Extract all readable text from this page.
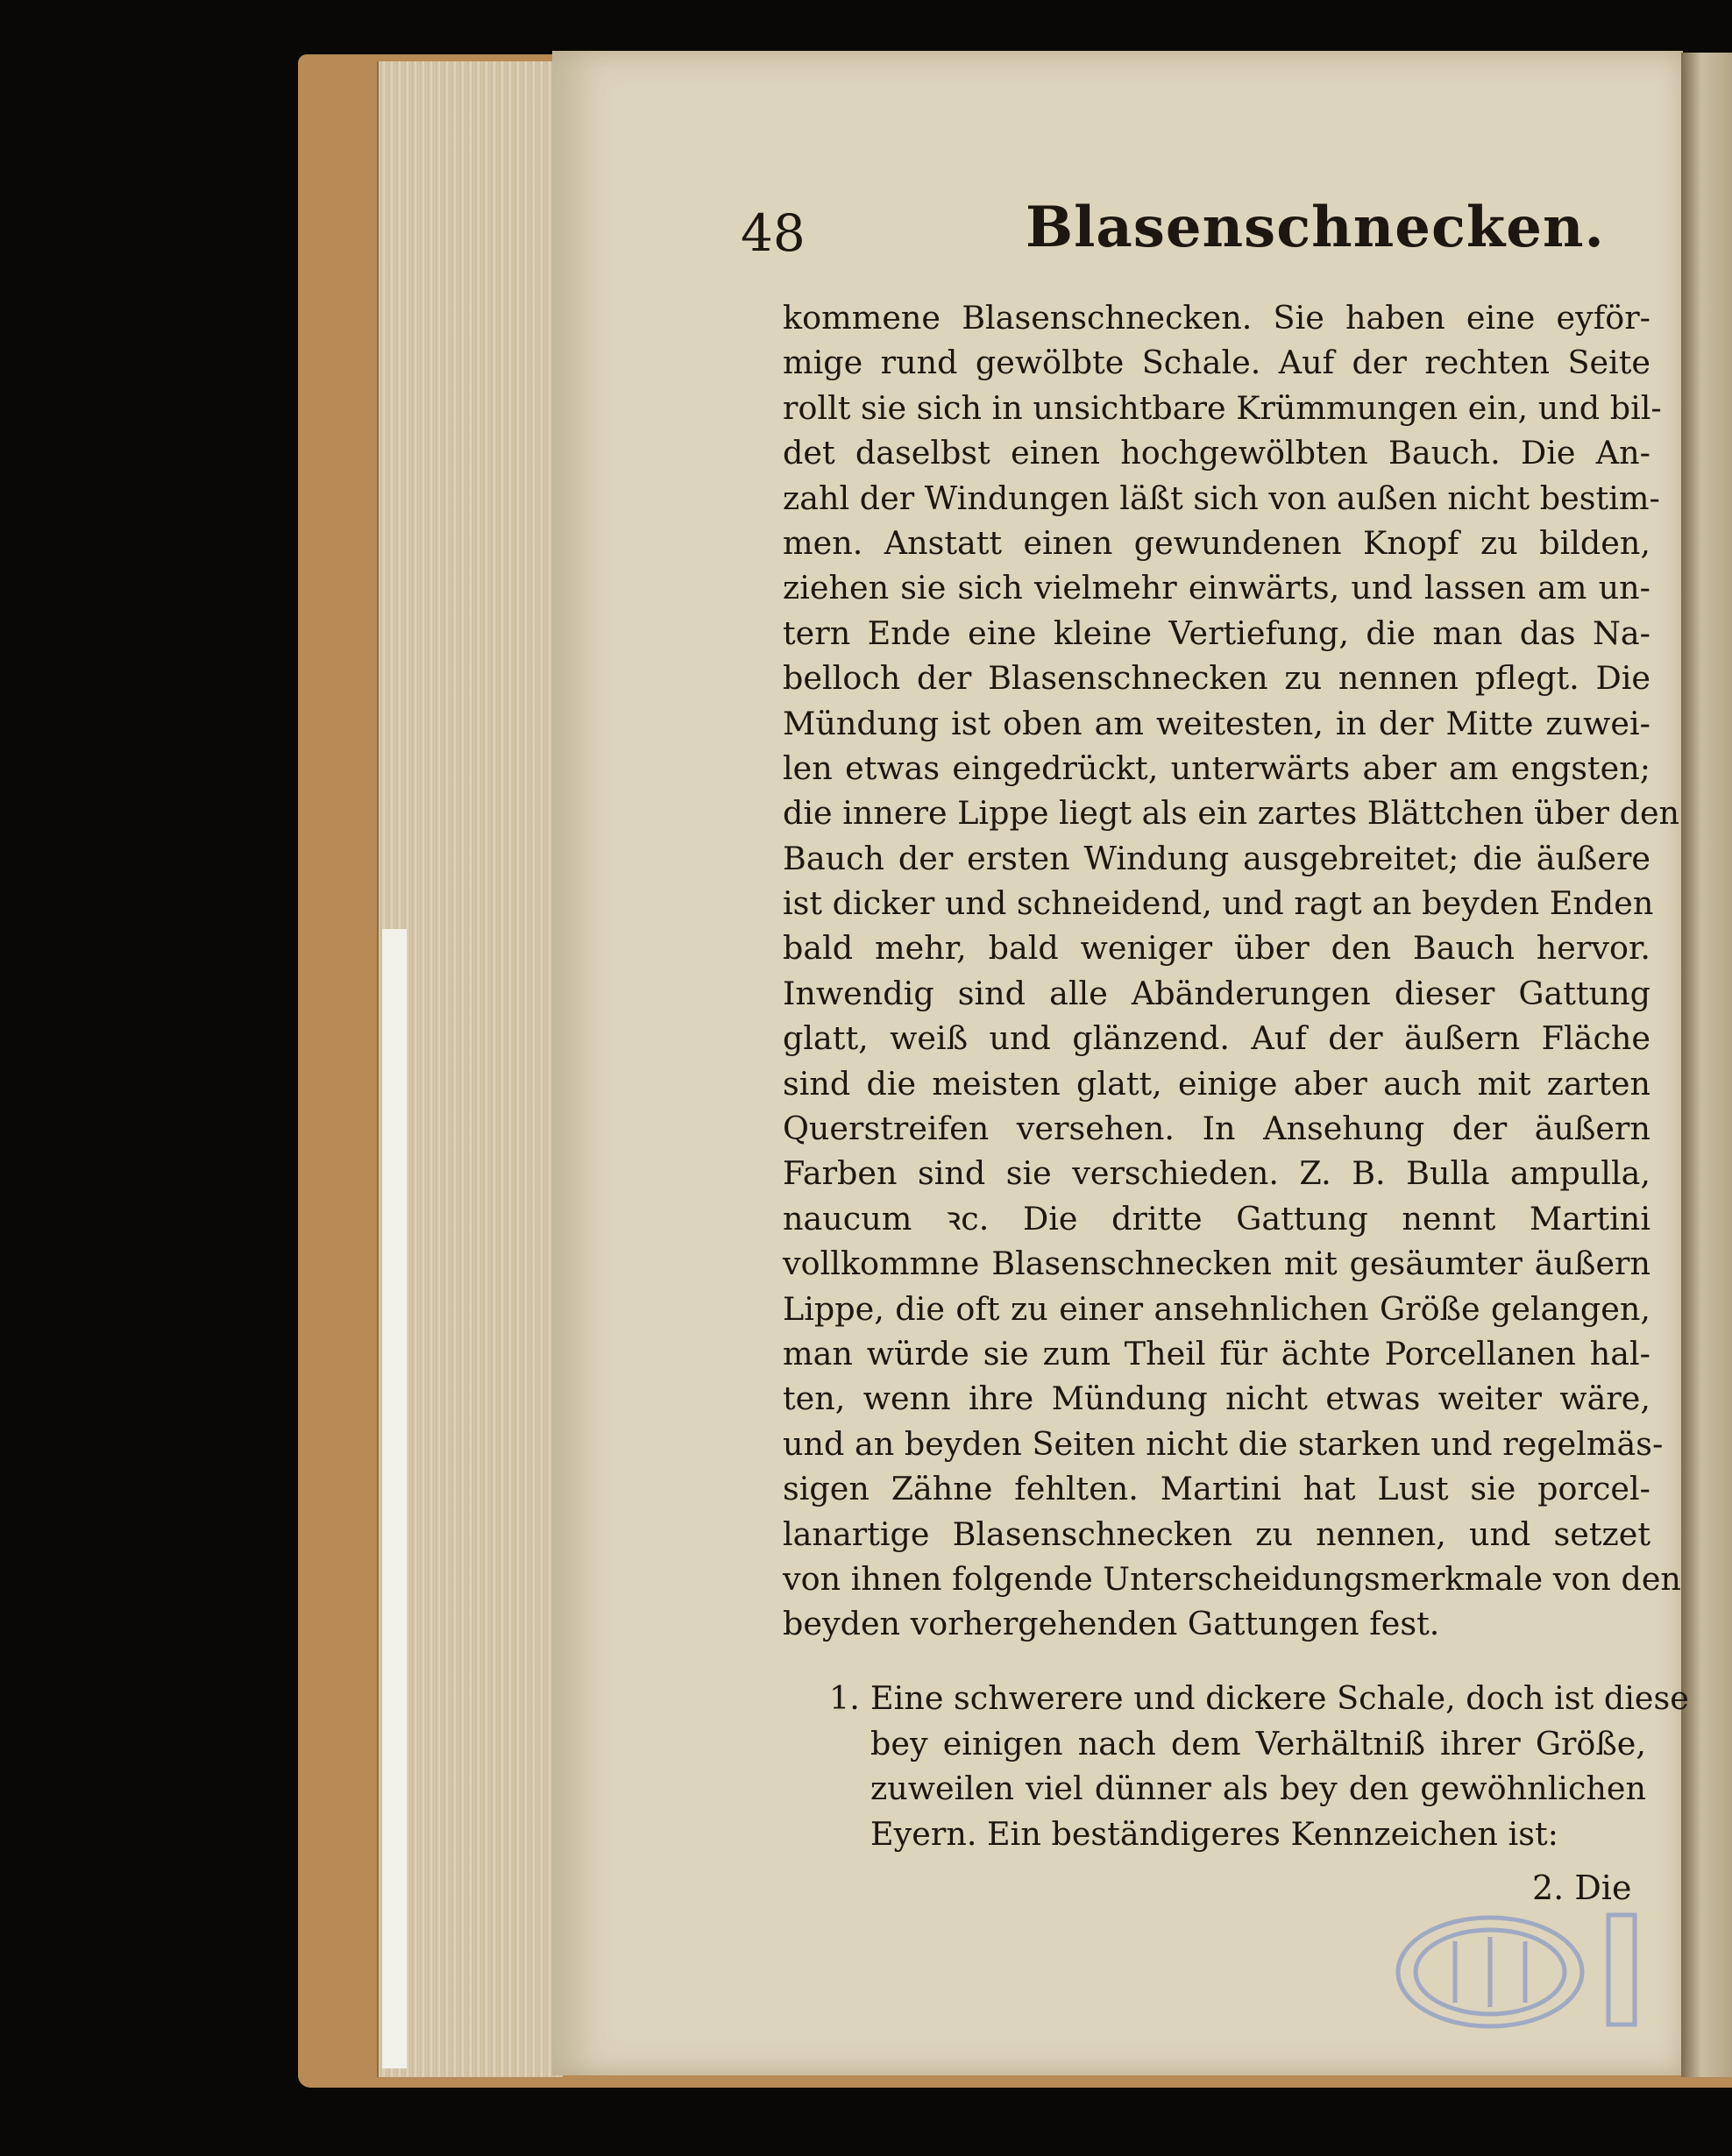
48	Blasenschnecken.
kommene Blasenschnecken. Sie haben eine eyför-
mige rund gewölbte Schale. Auf der rechten Seite
rollt sie sich in unsichtbare Krümmungen ein, und bil-
det daselbst einen hochgewölbten Bauch. Die An-
zahl der Windungen läßt sich von außen nicht bestim-
men. Anstatt einen gewundenen Knopf zu bilden,
ziehen sie sich vielmehr einwärts, und lassen am un-
tern Ende eine kleine Vertiefung, die man das Na-
belloch der Blasenschnecken zu nennen pflegt. Die
Mündung ist oben am weitesten, in der Mitte zuwei-
len etwas eingedrückt, unterwärts aber am engsten;
die innere Lippe liegt als ein zartes Blättchen über den
Bauch der ersten Windung ausgebreitet; die äußere
ist dicker und schneidend, und ragt an beyden Enden
bald mehr, bald weniger über den Bauch hervor.
Inwendig sind alle Abänderungen dieser Gattung
glatt, weiß und glänzend. Auf der äußern Fläche
sind die meisten glatt, einige aber auch mit zarten
Querstreifen versehen. In Ansehung der äußern
Farben sind sie verschieden. Z. B. Bulla ampulla,
naucum ꝛc. Die dritte Gattung nennt Martini
vollkommne Blasenschnecken mit gesäumter äußern
Lippe, die oft zu einer ansehnlichen Größe gelangen,
man würde sie zum Theil für ächte Porcellanen hal-
ten, wenn ihre Mündung nicht etwas weiter wäre,
und an beyden Seiten nicht die starken und regelmäs-
sigen Zähne fehlten. Martini hat Lust sie porcel-
lanartige Blasenschnecken zu nennen, und setzet
von ihnen folgende Unterscheidungsmerkmale von den
beyden vorhergehenden Gattungen fest.
1. Eine schwerere und dickere Schale, doch ist diese
bey einigen nach dem Verhältniß ihrer Größe,
zuweilen viel dünner als bey den gewöhnlichen
Eyern. Ein beständigeres Kennzeichen ist:
2. Die
